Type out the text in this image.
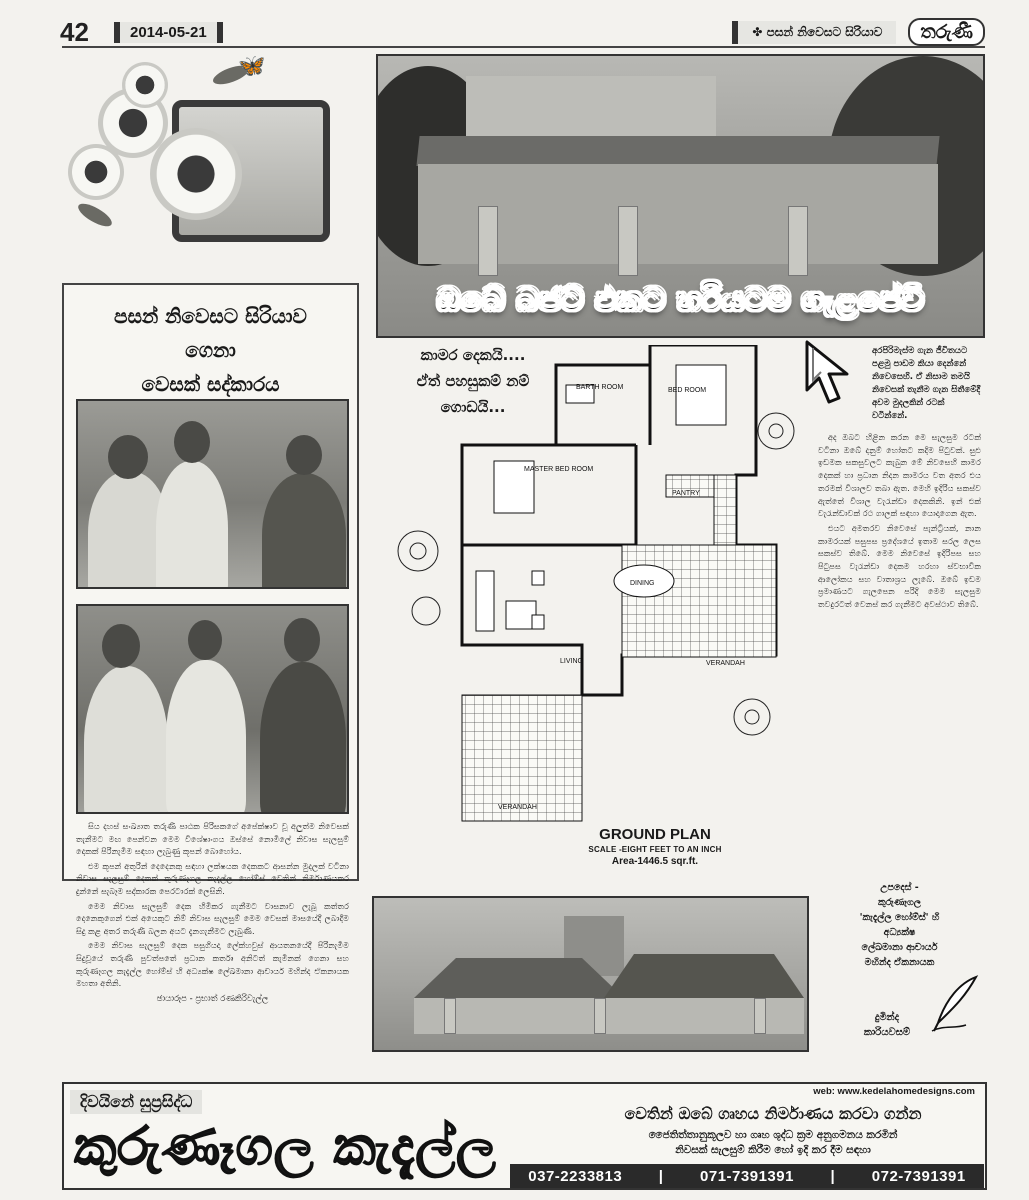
42	2014-05-21	✤ පසන් නිවෙසට සිරියාව	තරුණී
🦋
පසන් නිවෙසට සිරියාව
ගෙනා
වෙසක් සද්කාරය

සිය දහස් සංඛ්‍යාත තරුණී පාඨක පිරිසකගේ අපේක්ෂාව වූ අලුත්ම නිවෙසක් තැනීමට මඟ පෙන්වන මෙම විශේෂාංගය ඔස්සේ නොමිලේ නිවාස සැලසුම් දෙකක් පිරිනැමීම සඳහා ලැබුණු කූපන් බොහෝය.

එම කූපන් අතුරින් දෙදෙනකු සඳහා ලක්ෂයක දෙකකට ආසන්න මුදලක් වටිනා නිවාස සැලසුම් දෙකක් කුරුණෑගල කැදැල්ල හෝම්ස් වෙතින් නිර්මාණයකර දුන්නේ සැබෑම සද්කාරක පෙරටාරක් ලෙසිනි.

මෙම නිවාස සැලසුම් දෙක හිමිකර ගැනීමට වාසනාව ලැබූ කත්තර දෙනෙකුගෙන් එක් අයෙකුට නිම් නිවාස සැලසුම් මෙම වෙසක් මාසයේදී ලබාදීම සිදු කළ අතර තරුණී බලන අයට දැනගැනීමට ලැබුණි.

මෙම නිවාස සැලසුම් දෙක පසුගියදා ලේක්හවුස් ආයතනයේදී පිරිනැමීම සිදුවූයේ තරුණී පුවත්පතේ ප්‍රධාන කර්තෘ අනිටත් කැමිනක් ගෙනා සහ කුරුණෑගල කැදැල්ල හෝම්ස් හි අධ්‍යක්ෂ ලේඛමානා ආචාර්ය මහින්ද ඒකනායක මහතා අතිනි.

ඡායාරූප - ප්‍රභාත් රණකිරිවැල්ල
ඔබේ බජට් එකට හරියටම ගැළපේවි
කාමර දෙකයි....
ඒත් පහසුකම් නම්
ගොඩයි...
BARTH ROOM	BED ROOM
MASTER BED ROOM
PANTRY
DINING
LIVING	VERANDAH
VERANDAH
GROUND PLAN
SCALE -EIGHT FEET TO AN INCH
Area-1446.5 sqr.ft.
අරපිරිමැස්ම ගැන ජීවිතයට පළමු පාඩම කියා දෙන්නේ නිවෙසෙහි. ඒ නිසාම තමයි නිවෙසක් තැනීම ගැන සිතීමේදී අවම මුදලකින් රටක් වටින්නේ.

අද ඔබට හිළින කරන මෙ සැලසුම රටක් වටිනා ඔබේ දනුම් හෝතට කදිම පිටුවක්. සුළු ඉඩමක සකසුවලට කැබුන මේ නිවසෙහි කාමර දෙකක් හා ප්‍රධාන නිදන කාමරය වත අතර එය තරමක් විශාලව තබා ඇත. මෙහි ඉදිරිය සකස්ව ඇත්තේ විශාල වැරැන්ඩා දෙකකිනි. ඉන් එක් වැරැන්ඩාවක් රථ ගාලක් සඳහා යොදාගෙන ඇත.

එයට අමතරව නිවෙසේ පැන්ට්‍රියක්, නාන කාමරයක් පසුපස ප්‍රදේශයේ ඉතාම සරල ලෙස සකස්ව තිබේ. මෙම නිවෙසේ ඉදිරිපස සහ පිටුපස වැරැන්ඩා දෙකම හරහා ස්වභාවික ආලෝකය සහ වාතාශ්‍රය ලැබේ. ඔබේ ඉඩම ප්‍රමාණයට ගැලපෙන පරිදි මෙම සැලසුම තවදුරටත් වෙනස් කර ගැනීමට අවස්ථාව තිබේ.

උපදෙස් -
කුරුණෑගල
'කැදැල්ල හෝම්ස්' හි
අධ්‍යක්ෂ
ලේඛමානා ආචාර්ය
මහින්ද ඒකනායක
දුමින්ද
කාරියවසම්
දිවයිනේ සුප්‍රසිද්ධ
කුරුණෑගල කැදැල්ල
web: www.kedelahomedesigns.com
වෙතින් ඔබේ ගෘහය නිර්මාණය කරවා ගන්න
ජෛතිත්තානුකූලව හා ගෘහ ශුද්ධ ක්‍රම අනුගමනය කරමින්
නිවසක් සැලසුම් කිරීම හෝ ඉදි කර දීම සඳහා
037-2233813 | 071-7391391 | 072-7391391
